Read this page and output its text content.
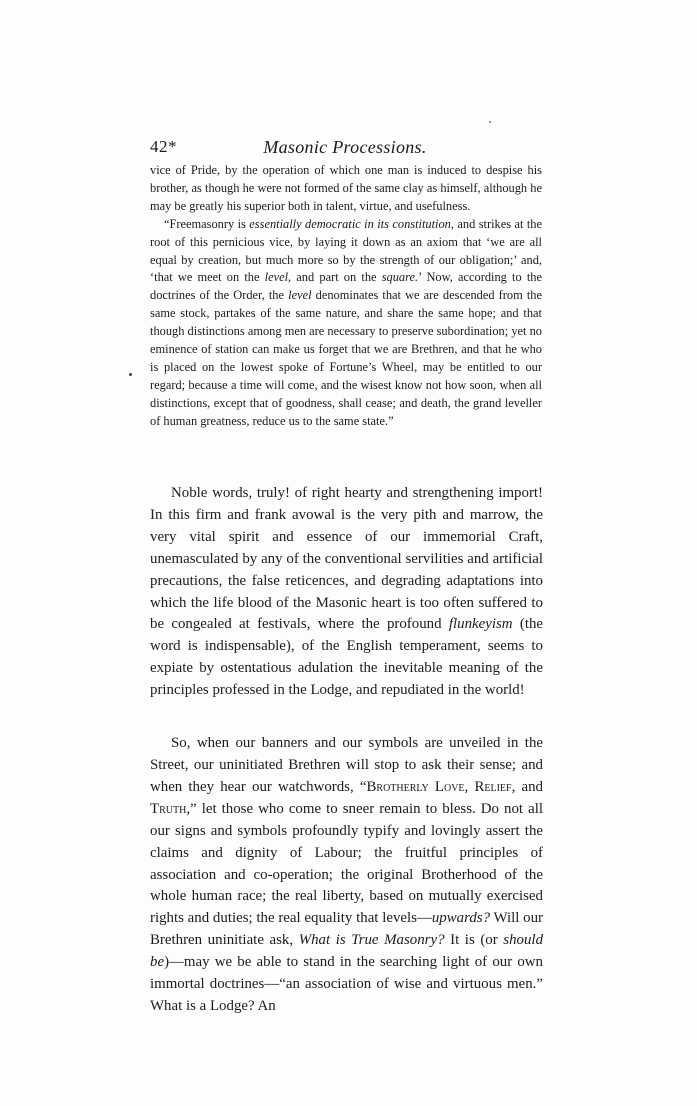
42*	Masonic Processions.

vice of Pride, by the operation of which one man is induced to despise his brother, as though he were not formed of the same clay as himself, although he may be greatly his superior both in talent, virtue, and usefulness.

“Freemasonry is essentially democratic in its constitution, and strikes at the root of this pernicious vice, by laying it down as an axiom that ‘we are all equal by creation, but much more so by the strength of our obligation;’ and, ‘that we meet on the level, and part on the square.’ Now, according to the doctrines of the Order, the level denominates that we are descended from the same stock, partakes of the same nature, and share the same hope; and that though distinctions among men are necessary to preserve subordination; yet no eminence of station can make us forget that we are Brethren, and that he who is placed on the lowest spoke of Fortune’s Wheel, may be entitled to our regard; because a time will come, and the wisest know not how soon, when all distinctions, except that of goodness, shall cease; and death, the grand leveller of human greatness, reduce us to the same state.”

Noble words, truly! of right hearty and strengthening import! In this firm and frank avowal is the very pith and marrow, the very vital spirit and essence of our immemorial Craft, unemasculated by any of the conventional servilities and artificial precautions, the false reticences, and degrading adaptations into which the life blood of the Masonic heart is too often suffered to be congealed at festivals, where the profound flunkeyism (the word is indispensable), of the English temperament, seems to expiate by ostentatious adulation the inevitable meaning of the principles professed in the Lodge, and repudiated in the world!

So, when our banners and our symbols are unveiled in the Street, our uninitiated Brethren will stop to ask their sense; and when they hear our watchwords, “Brotherly Love, Relief, and Truth,” let those who come to sneer remain to bless. Do not all our signs and symbols profoundly typify and lovingly assert the claims and dignity of Labour; the fruitful principles of association and co-operation; the original Brotherhood of the whole human race; the real liberty, based on mutually exercised rights and duties; the real equality that levels—upwards? Will our Brethren uninitiate ask, What is True Masonry? It is (or should be)—may we be able to stand in the searching light of our own immortal doctrines—“an association of wise and virtuous men.” What is a Lodge? An
